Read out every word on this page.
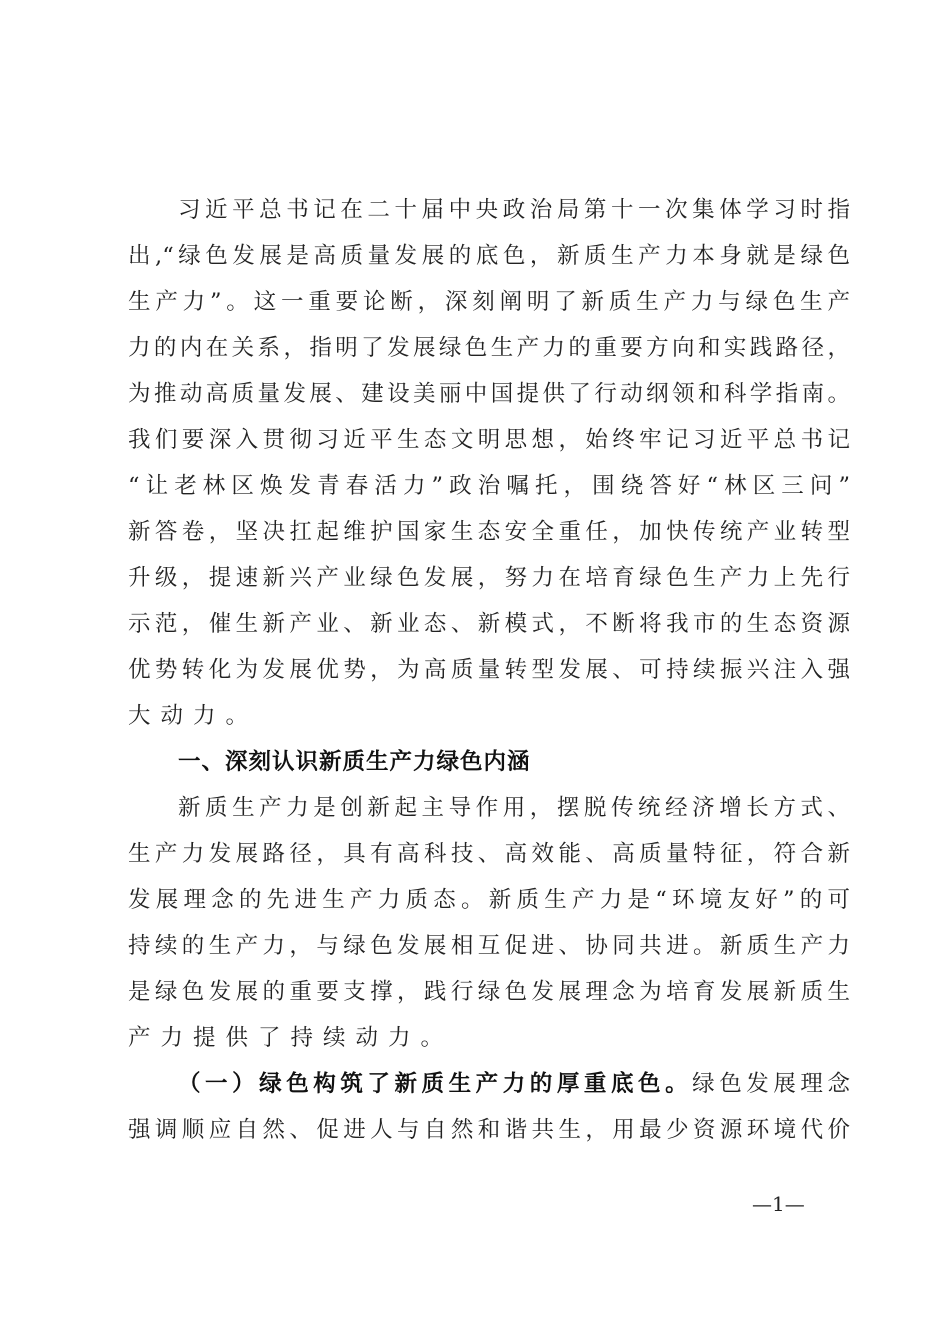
习近平总书记在二十届中央政治局第十一次集体学习时指
出,“绿色发展是高质量发展的底色，新质生产力本身就是绿色
生产力”。这一重要论断，深刻阐明了新质生产力与绿色生产
力的内在关系，指明了发展绿色生产力的重要方向和实践路径，
为推动高质量发展、建设美丽中国提供了行动纲领和科学指南。
我们要深入贯彻习近平生态文明思想，始终牢记习近平总书记
“让老林区焕发青春活力”政治嘱托，围绕答好“林区三问”
新答卷，坚决扛起维护国家生态安全重任，加快传统产业转型
升级，提速新兴产业绿色发展，努力在培育绿色生产力上先行
示范，催生新产业、新业态、新模式，不断将我市的生态资源
优势转化为发展优势，为高质量转型发展、可持续振兴注入强
大动力。
一、深刻认识新质生产力绿色内涵
新质生产力是创新起主导作用，摆脱传统经济增长方式、
生产力发展路径，具有高科技、高效能、高质量特征，符合新
发展理念的先进生产力质态。新质生产力是“环境友好”的可
持续的生产力，与绿色发展相互促进、协同共进。新质生产力
是绿色发展的重要支撑，践行绿色发展理念为培育发展新质生
产力提供了持续动力。
（一）绿色构筑了新质生产力的厚重底色。绿色发展理念
强调顺应自然、促进人与自然和谐共生，用最少资源环境代价
—1—
